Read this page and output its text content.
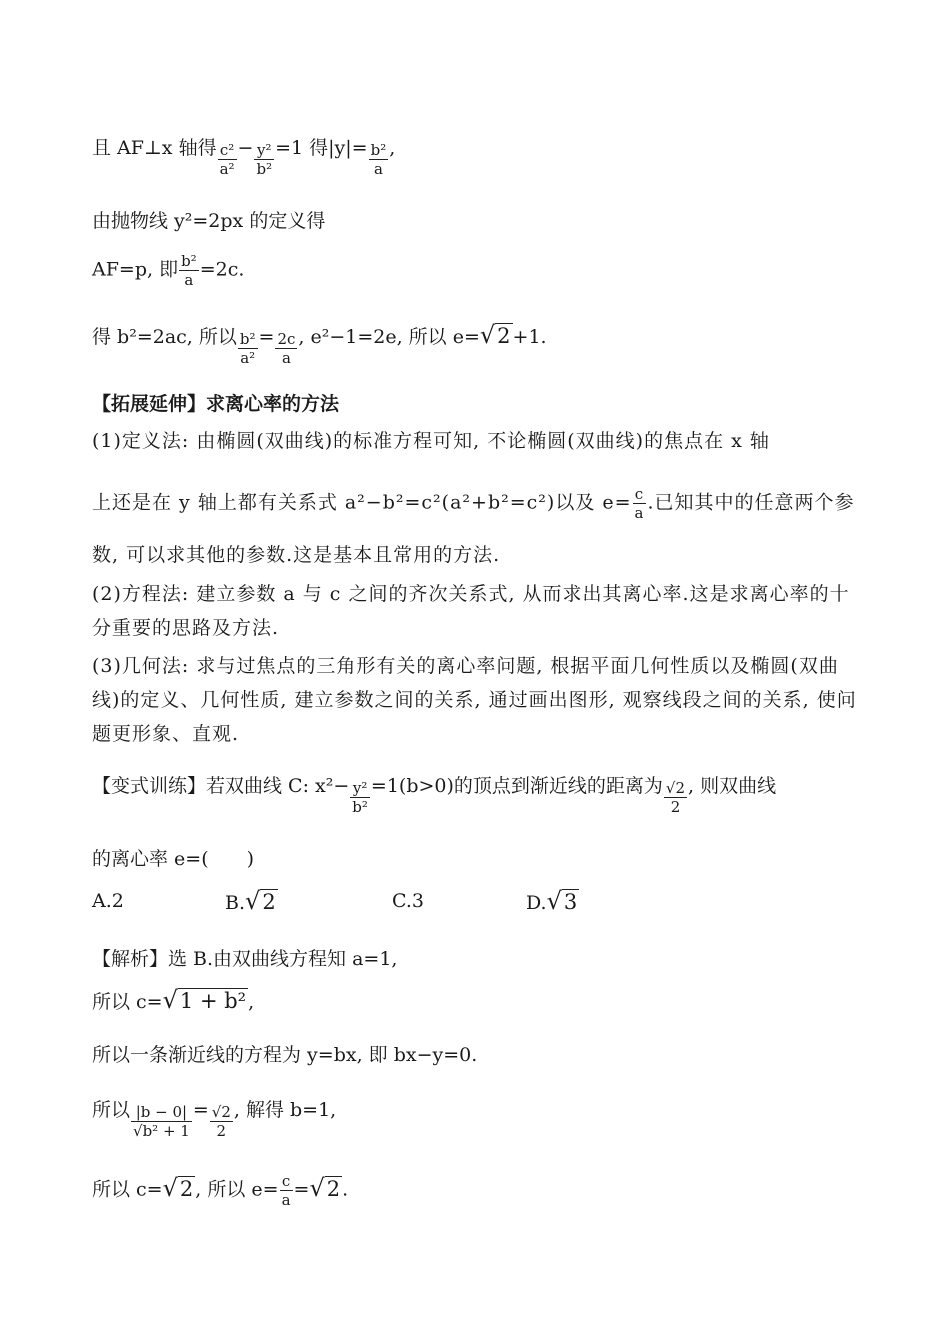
且 AF⊥x 轴得 $\frac{\text{c²}}{\text{a²}} - \frac{\text{y²}}{\text{b²}} =1$ 得$|y|= \frac{\text{b²}}{a}$ ,
由抛物线 y²=2px 的定义得
AF=p, 即 $\frac{\text{b²}}{a} =2c$.
得 b²=2ac, 所以 $\frac{\text{b²}}{\text{a²}} = \frac{2c}{a}$ , e²−1=2e, 所以 e=√2 +1.
【拓展延伸】求离心率的方法
(1)定义法: 由椭圆(双曲线)的标准方程可知, 不论椭圆(双曲线)的焦点在 x 轴
上还是在 y 轴上都有关系式 a²−b²=c²(a²+b²=c²)以及 $e= \frac{c}{a}$ .已知其中的任意两个参
数, 可以求其他的参数.这是基本且常用的方法.
(2)方程法: 建立参数 a 与 c 之间的齐次关系式, 从而求出其离心率.这是求离心率的十分重要的思路及方法.
(3)几何法: 求与过焦点的三角形有关的离心率问题, 根据平面几何性质以及椭圆(双曲线)的定义、几何性质, 建立参数之间的关系, 通过画出图形, 观察线段之间的关系, 使问题更形象、直观.
【变式训练】若双曲线 C: $x^2- \frac{\text{y²}}{\text{b²}} =1(b>0)$的顶点到渐近线的距离为 $\frac{√2}{2}$ , 则双曲线
的离心率 e=(　　)
A.2	B.√2	C.3	D.√3
【解析】选 B.由双曲线方程知 a=1,
所以 c=√1 + b² ,
所以一条渐近线的方程为 y=bx, 即 bx−y=0.
所以 $\frac{|b - 0|}{\text{√b² + 1}} = \frac{√2}{2}$ , 解得 b=1,
所以 c=√2 , 所以 $e= \frac{c}{a} =√2$ .
